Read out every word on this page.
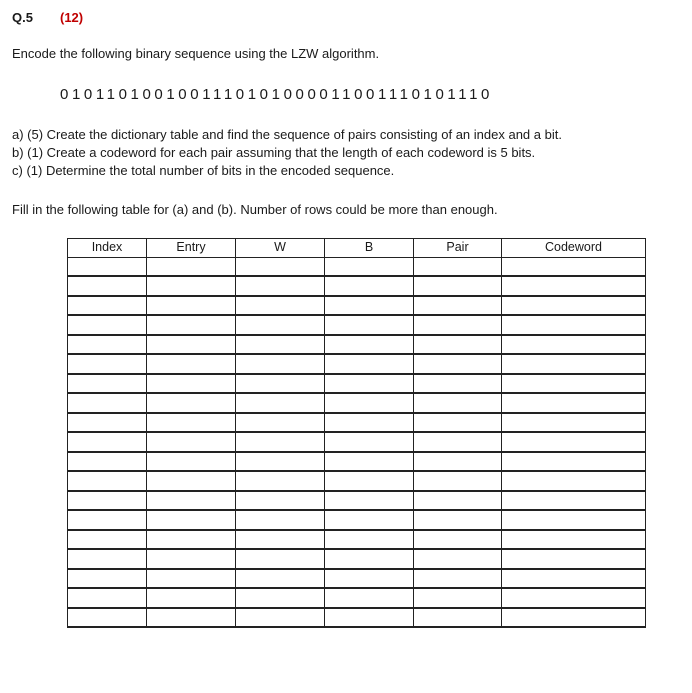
Q.5 (12)
Encode the following binary sequence using the LZW algorithm.
0101101001001110101000011001110101110
a) (5) Create the dictionary table and find the sequence of pairs consisting of an index and a bit.
b) (1) Create a codeword for each pair assuming that the length of each codeword is 5 bits.
c) (1) Determine the total number of bits in the encoded sequence.
Fill in the following table for (a) and (b). Number of rows could be more than enough.
Index	Entry	W	B	Pair	Codeword
